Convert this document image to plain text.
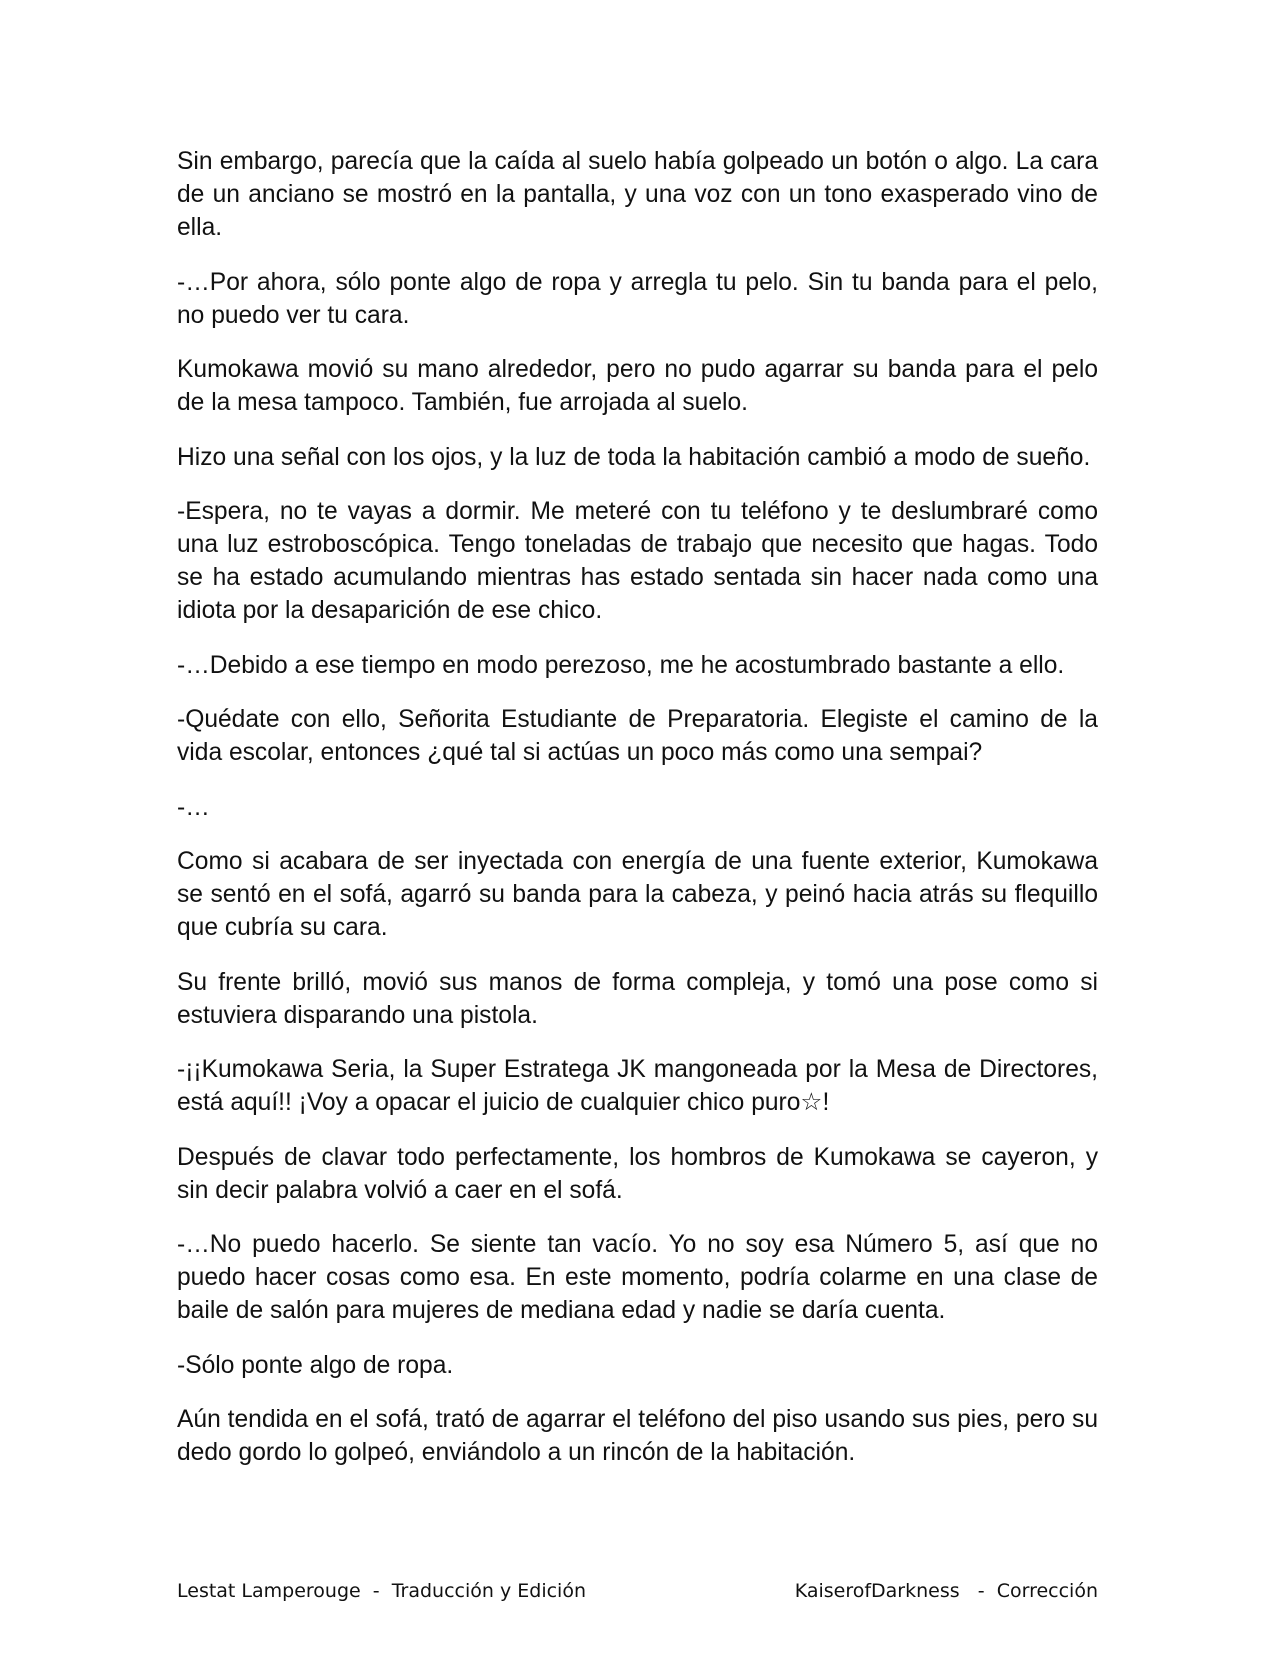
Sin embargo, parecía que la caída al suelo había golpeado un botón o algo. La cara de un anciano se mostró en la pantalla, y una voz con un tono exasperado vino de ella.

-…Por ahora, sólo ponte algo de ropa y arregla tu pelo. Sin tu banda para el pelo, no puedo ver tu cara.

Kumokawa movió su mano alrededor, pero no pudo agarrar su banda para el pelo de la mesa tampoco. También, fue arrojada al suelo.

Hizo una señal con los ojos, y la luz de toda la habitación cambió a modo de sueño.

-Espera, no te vayas a dormir. Me meteré con tu teléfono y te deslumbraré como una luz estroboscópica. Tengo toneladas de trabajo que necesito que hagas. Todo se ha estado acumulando mientras has estado sentada sin hacer nada como una idiota por la desaparición de ese chico.

-…Debido a ese tiempo en modo perezoso, me he acostumbrado bastante a ello.

-Quédate con ello, Señorita Estudiante de Preparatoria. Elegiste el camino de la vida escolar, entonces ¿qué tal si actúas un poco más como una sempai?

-…

Como si acabara de ser inyectada con energía de una fuente exterior, Kumokawa se sentó en el sofá, agarró su banda para la cabeza, y peinó hacia atrás su flequillo que cubría su cara.

Su frente brilló, movió sus manos de forma compleja, y tomó una pose como si estuviera disparando una pistola.

-¡¡Kumokawa Seria, la Super Estratega JK mangoneada por la Mesa de Directores, está aquí!! ¡Voy a opacar el juicio de cualquier chico puro☆!

Después de clavar todo perfectamente, los hombros de Kumokawa se cayeron, y sin decir palabra volvió a caer en el sofá.

-…No puedo hacerlo. Se siente tan vacío. Yo no soy esa Número 5, así que no puedo hacer cosas como esa. En este momento, podría colarme en una clase de baile de salón para mujeres de mediana edad y nadie se daría cuenta.

-Sólo ponte algo de ropa.

Aún tendida en el sofá, trató de agarrar el teléfono del piso usando sus pies, pero su dedo gordo lo golpeó, enviándolo a un rincón de la habitación.

Lestat Lamperouge  -  Traducción y Edición	KaiserofDarkness   -  Corrección
